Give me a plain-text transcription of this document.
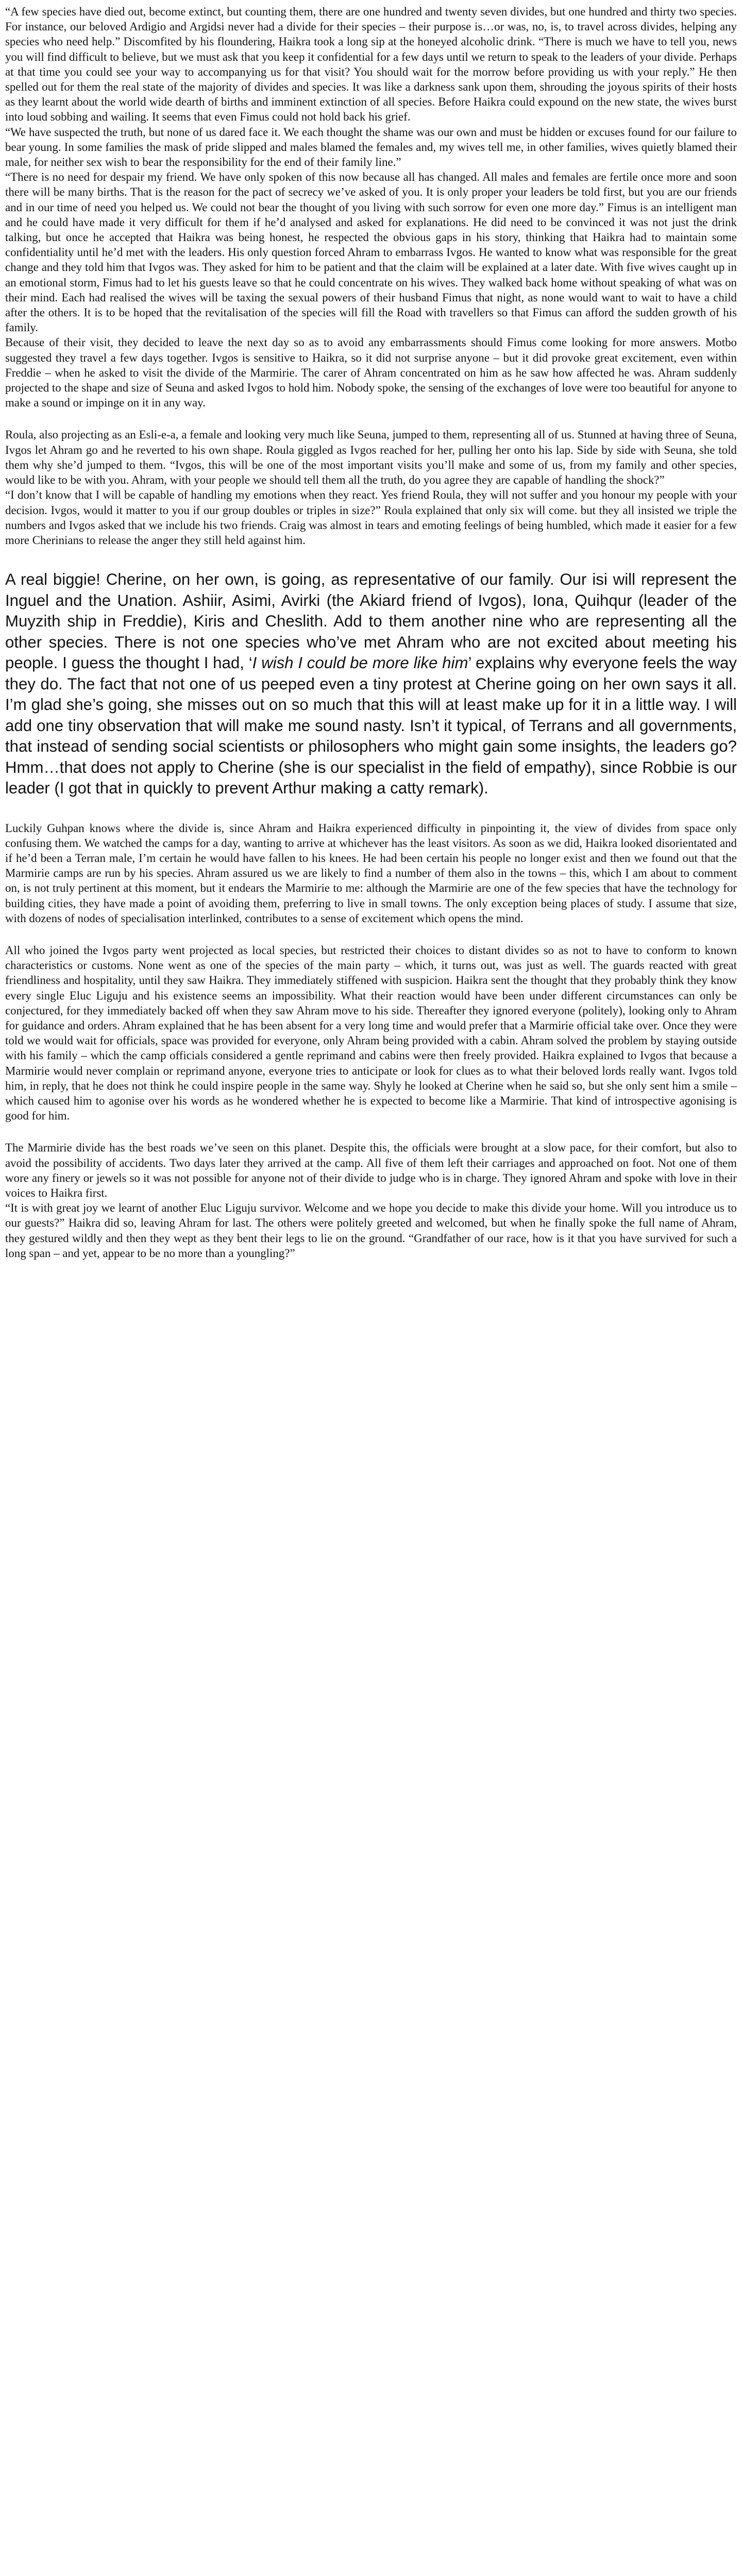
“A few species have died out, become extinct, but counting them, there are one hundred and twenty seven divides, but one hundred and thirty two species. For instance, our beloved Ardigio and Argidsi never had a divide for their species – their purpose is…or was, no, is, to travel across divides, helping any species who need help.” Discomfited by his floundering, Haikra took a long sip at the honeyed alcoholic drink. “There is much we have to tell you, news you will find difficult to believe, but we must ask that you keep it confidential for a few days until we return to speak to the leaders of your divide. Perhaps at that time you could see your way to accompanying us for that visit? You should wait for the morrow before providing us with your reply.” He then spelled out for them the real state of the majority of divides and species. It was like a darkness sank upon them, shrouding the joyous spirits of their hosts as they learnt about the world wide dearth of births and imminent extinction of all species. Before Haikra could expound on the new state, the wives burst into loud sobbing and wailing. It seems that even Fimus could not hold back his grief.

“We have suspected the truth, but none of us dared face it. We each thought the shame was our own and must be hidden or excuses found for our failure to bear young. In some families the mask of pride slipped and males blamed the females and, my wives tell me, in other families, wives quietly blamed their male, for neither sex wish to bear the responsibility for the end of their family line.”

“There is no need for despair my friend. We have only spoken of this now because all has changed. All males and females are fertile once more and soon there will be many births. That is the reason for the pact of secrecy we’ve asked of you. It is only proper your leaders be told first, but you are our friends and in our time of need you helped us. We could not bear the thought of you living with such sorrow for even one more day.” Fimus is an intelligent man and he could have made it very difficult for them if he’d analysed and asked for explanations. He did need to be convinced it was not just the drink talking, but once he accepted that Haikra was being honest, he respected the obvious gaps in his story, thinking that Haikra had to maintain some confidentiality until he’d met with the leaders. His only question forced Ahram to embarrass Ivgos. He wanted to know what was responsible for the great change and they told him that Ivgos was. They asked for him to be patient and that the claim will be explained at a later date. With five wives caught up in an emotional storm, Fimus had to let his guests leave so that he could concentrate on his wives. They walked back home without speaking of what was on their mind. Each had realised the wives will be taxing the sexual powers of their husband Fimus that night, as none would want to wait to have a child after the others. It is to be hoped that the revitalisation of the species will fill the Road with travellers so that Fimus can afford the sudden growth of his family.

Because of their visit, they decided to leave the next day so as to avoid any embarrassments should Fimus come looking for more answers. Motbo suggested they travel a few days together. Ivgos is sensitive to Haikra, so it did not surprise anyone – but it did provoke great excitement, even within Freddie – when he asked to visit the divide of the Marmirie. The carer of Ahram concentrated on him as he saw how affected he was. Ahram suddenly projected to the shape and size of Seuna and asked Ivgos to hold him. Nobody spoke, the sensing of the exchanges of love were too beautiful for anyone to make a sound or impinge on it in any way.

Roula, also projecting as an Esli-e-a, a female and looking very much like Seuna, jumped to them, representing all of us. Stunned at having three of Seuna, Ivgos let Ahram go and he reverted to his own shape. Roula giggled as Ivgos reached for her, pulling her onto his lap. Side by side with Seuna, she told them why she’d jumped to them. “Ivgos, this will be one of the most important visits you’ll make and some of us, from my family and other species, would like to be with you. Ahram, with your people we should tell them all the truth, do you agree they are capable of handling the shock?”

“I don’t know that I will be capable of handling my emotions when they react. Yes friend Roula, they will not suffer and you honour my people with your decision. Ivgos, would it matter to you if our group doubles or triples in size?” Roula explained that only six will come. but they all insisted we triple the numbers and Ivgos asked that we include his two friends. Craig was almost in tears and emoting feelings of being humbled, which made it easier for a few more Cherinians to release the anger they still held against him.

A real biggie! Cherine, on her own, is going, as representative of our family. Our isi will represent the Inguel and the Unation. Ashiir, Asimi, Avirki (the Akiard friend of Ivgos), Iona, Quihqur (leader of the Muyzith ship in Freddie), Kiris and Cheslith. Add to them another nine who are representing all the other species. There is not one species who’ve met Ahram who are not excited about meeting his people. I guess the thought I had, ‘I wish I could be more like him’ explains why everyone feels the way they do. The fact that not one of us peeped even a tiny protest at Cherine going on her own says it all. I’m glad she’s going, she misses out on so much that this will at least make up for it in a little way. I will add one tiny observation that will make me sound nasty. Isn’t it typical, of Terrans and all governments, that instead of sending social scientists or philosophers who might gain some insights, the leaders go? Hmm…that does not apply to Cherine (she is our specialist in the field of empathy), since Robbie is our leader (I got that in quickly to prevent Arthur making a catty remark).

Luckily Guhpan knows where the divide is, since Ahram and Haikra experienced difficulty in pinpointing it, the view of divides from space only confusing them. We watched the camps for a day, wanting to arrive at whichever has the least visitors. As soon as we did, Haikra looked disorientated and if he’d been a Terran male, I’m certain he would have fallen to his knees. He had been certain his people no longer exist and then we found out that the Marmirie camps are run by his species. Ahram assured us we are likely to find a number of them also in the towns – this, which I am about to comment on, is not truly pertinent at this moment, but it endears the Marmirie to me: although the Marmirie are one of the few species that have the technology for building cities, they have made a point of avoiding them, preferring to live in small towns. The only exception being places of study. I assume that size, with dozens of nodes of specialisation interlinked, contributes to a sense of excitement which opens the mind.

All who joined the Ivgos party went projected as local species, but restricted their choices to distant divides so as not to have to conform to known characteristics or customs. None went as one of the species of the main party – which, it turns out, was just as well. The guards reacted with great friendliness and hospitality, until they saw Haikra. They immediately stiffened with suspicion. Haikra sent the thought that they probably think they know every single Eluc Liguju and his existence seems an impossibility. What their reaction would have been under different circumstances can only be conjectured, for they immediately backed off when they saw Ahram move to his side. Thereafter they ignored everyone (politely), looking only to Ahram for guidance and orders. Ahram explained that he has been absent for a very long time and would prefer that a Marmirie official take over. Once they were told we would wait for officials, space was provided for everyone, only Ahram being provided with a cabin. Ahram solved the problem by staying outside with his family – which the camp officials considered a gentle reprimand and cabins were then freely provided. Haikra explained to Ivgos that because a Marmirie would never complain or reprimand anyone, everyone tries to anticipate or look for clues as to what their beloved lords really want. Ivgos told him, in reply, that he does not think he could inspire people in the same way. Shyly he looked at Cherine when he said so, but she only sent him a smile – which caused him to agonise over his words as he wondered whether he is expected to become like a Marmirie. That kind of introspective agonising is good for him.

The Marmirie divide has the best roads we’ve seen on this planet. Despite this, the officials were brought at a slow pace, for their comfort, but also to avoid the possibility of accidents. Two days later they arrived at the camp. All five of them left their carriages and approached on foot. Not one of them wore any finery or jewels so it was not possible for anyone not of their divide to judge who is in charge. They ignored Ahram and spoke with love in their voices to Haikra first.

“It is with great joy we learnt of another Eluc Liguju survivor. Welcome and we hope you decide to make this divide your home. Will you introduce us to our guests?” Haikra did so, leaving Ahram for last. The others were politely greeted and welcomed, but when he finally spoke the full name of Ahram, they gestured wildly and then they wept as they bent their legs to lie on the ground. “Grandfather of our race, how is it that you have survived for such a long span – and yet, appear to be no more than a youngling?”
